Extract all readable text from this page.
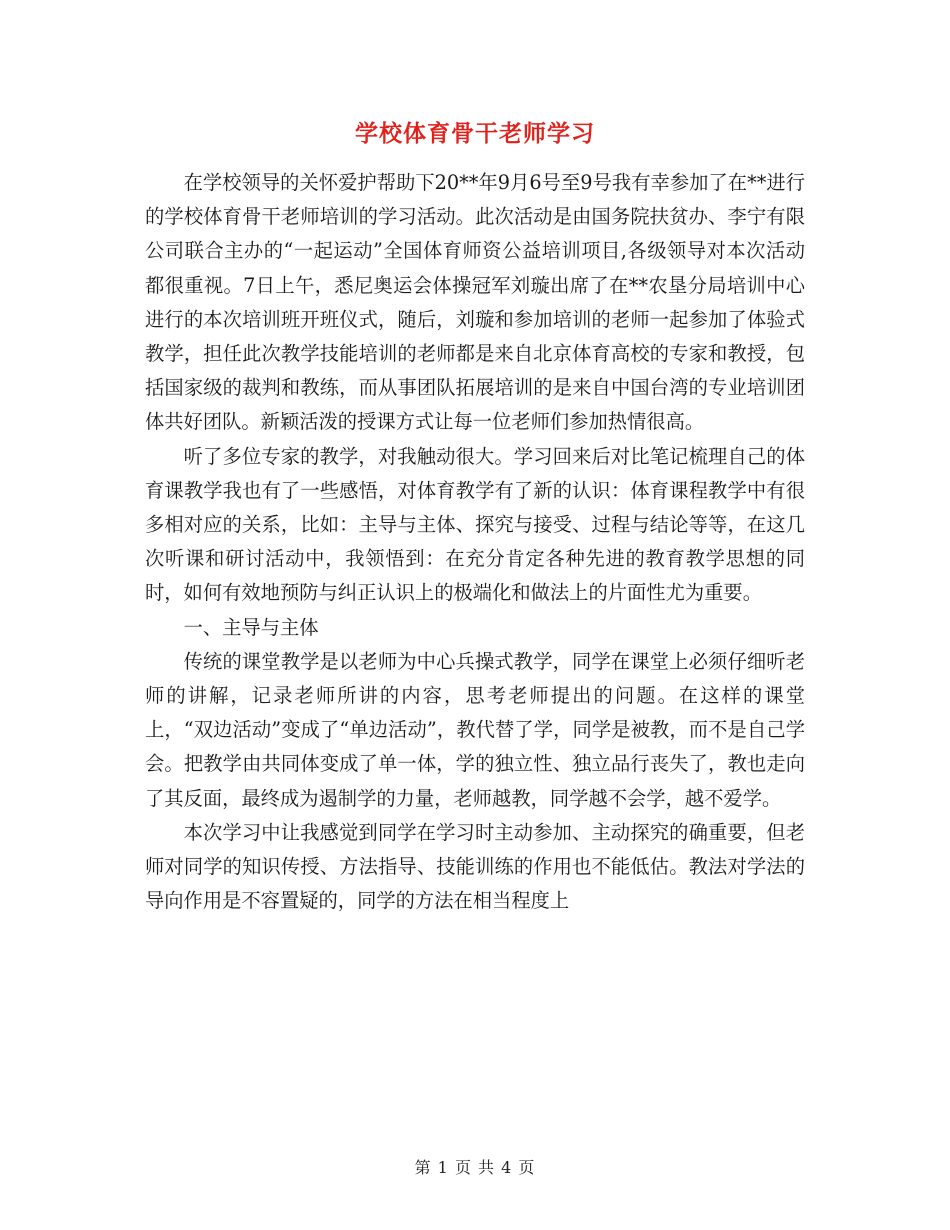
学校体育骨干老师学习

在学校领导的关怀爱护帮助下20**年9月6号至9号我有幸参加了在**进行的学校体育骨干老师培训的学习活动。此次活动是由国务院扶贫办、李宁有限公司联合主办的“一起运动”全国体育师资公益培训项目,各级领导对本次活动都很重视。7日上午，悉尼奥运会体操冠军刘璇出席了在**农垦分局培训中心进行的本次培训班开班仪式，随后，刘璇和参加培训的老师一起参加了体验式教学，担任此次教学技能培训的老师都是来自北京体育高校的专家和教授，包括国家级的裁判和教练，而从事团队拓展培训的是来自中国台湾的专业培训团体共好团队。新颖活泼的授课方式让每一位老师们参加热情很高。

听了多位专家的教学，对我触动很大。学习回来后对比笔记梳理自己的体育课教学我也有了一些感悟，对体育教学有了新的认识：体育课程教学中有很多相对应的关系，比如：主导与主体、探究与接受、过程与结论等等，在这几次听课和研讨活动中，我领悟到：在充分肯定各种先进的教育教学思想的同时，如何有效地预防与纠正认识上的极端化和做法上的片面性尤为重要。

一、主导与主体

传统的课堂教学是以老师为中心兵操式教学，同学在课堂上必须仔细听老师的讲解，记录老师所讲的内容，思考老师提出的问题。在这样的课堂上，“双边活动”变成了“单边活动”，教代替了学，同学是被教，而不是自己学会。把教学由共同体变成了单一体，学的独立性、独立品行丧失了，教也走向了其反面，最终成为遏制学的力量，老师越教，同学越不会学，越不爱学。

本次学习中让我感觉到同学在学习时主动参加、主动探究的确重要，但老师对同学的知识传授、方法指导、技能训练的作用也不能低估。教法对学法的导向作用是不容置疑的，同学的方法在相当程度上

第 1 页 共 4 页
